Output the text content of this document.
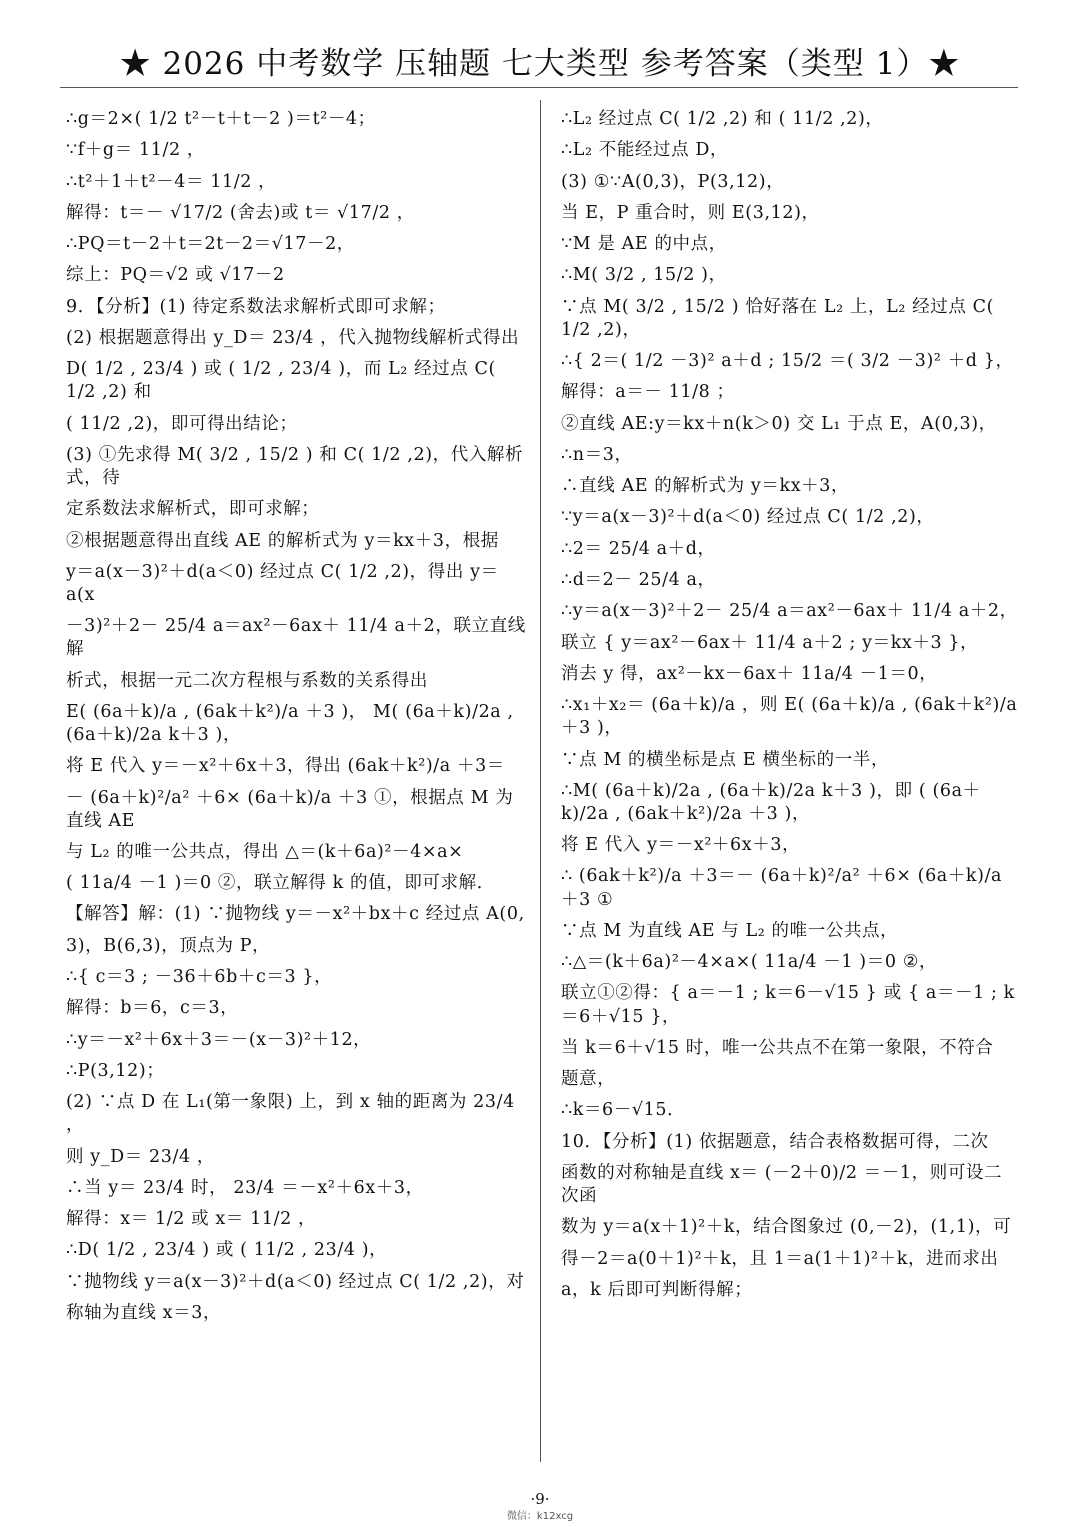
★ 2026 中考数学 压轴题 七大类型 参考答案（类型 1）★
∴g＝2×( 1/2 t²－t＋t－2 )＝t²－4；
∵f＋g＝ 11/2 ，
∴t²＋1＋t²－4＝ 11/2 ，
解得：t＝－ √17/2 (舍去)或 t＝ √17/2 ，
∴PQ＝t－2＋t＝2t－2＝√17－2，
综上：PQ＝√2 或 √17－2
9．【分析】(1) 待定系数法求解析式即可求解；
(2) 根据题意得出 y_D＝ 23/4 ，代入抛物线解析式得出
D( 1/2 , 23/4 ) 或 ( 1/2 , 23/4 )，而 L₂ 经过点 C( 1/2 ,2) 和
( 11/2 ,2)，即可得出结论；
(3) ①先求得 M( 3/2 , 15/2 ) 和 C( 1/2 ,2)，代入解析式，待
定系数法求解析式，即可求解；
②根据题意得出直线 AE 的解析式为 y＝kx＋3，根据
y＝a(x－3)²＋d(a＜0) 经过点 C( 1/2 ,2)，得出 y＝a(x
－3)²＋2－ 25/4 a＝ax²－6ax＋ 11/4 a＋2，联立直线解
析式，根据一元二次方程根与系数的关系得出
E( (6a＋k)/a , (6ak＋k²)/a ＋3 )， M( (6a＋k)/2a , (6a＋k)/2a k＋3 )，
将 E 代入 y＝－x²＋6x＋3，得出 (6ak＋k²)/a ＋3＝
－ (6a＋k)²/a² ＋6× (6a＋k)/a ＋3 ①，根据点 M 为直线 AE
与 L₂ 的唯一公共点，得出 △＝(k＋6a)²－4×a×
( 11a/4 －1 )＝0 ②，联立解得 k 的值，即可求解．
【解答】解：(1) ∵抛物线 y＝－x²＋bx＋c 经过点 A(0,
3)，B(6,3)，顶点为 P，
∴{ c＝3 ; －36＋6b＋c＝3 }，
解得：b＝6，c＝3，
∴y＝－x²＋6x＋3＝－(x－3)²＋12，
∴P(3,12)；
(2) ∵点 D 在 L₁(第一象限) 上，到 x 轴的距离为 23/4 ，
则 y_D＝ 23/4 ，
∴当 y＝ 23/4 时， 23/4 ＝－x²＋6x＋3，
解得：x＝ 1/2 或 x＝ 11/2 ，
∴D( 1/2 , 23/4 ) 或 ( 11/2 , 23/4 )，
∵抛物线 y＝a(x－3)²＋d(a＜0) 经过点 C( 1/2 ,2)，对
称轴为直线 x＝3，
∴L₂ 经过点 C( 1/2 ,2) 和 ( 11/2 ,2)，
∴L₂ 不能经过点 D，
(3) ①∵A(0,3)，P(3,12)，
当 E，P 重合时，则 E(3,12)，
∵M 是 AE 的中点，
∴M( 3/2 , 15/2 )，
∵点 M( 3/2 , 15/2 ) 恰好落在 L₂ 上，L₂ 经过点 C( 1/2 ,2)，
∴{ 2＝( 1/2 －3)² a＋d ; 15/2 ＝( 3/2 －3)² ＋d }，
解得：a＝－ 11/8 ；
②直线 AE:y＝kx＋n(k＞0) 交 L₁ 于点 E，A(0,3)，
∴n＝3，
∴直线 AE 的解析式为 y＝kx＋3，
∵y＝a(x－3)²＋d(a＜0) 经过点 C( 1/2 ,2)，
∴2＝ 25/4 a＋d，
∴d＝2－ 25/4 a，
∴y＝a(x－3)²＋2－ 25/4 a＝ax²－6ax＋ 11/4 a＋2，
联立 { y＝ax²－6ax＋ 11/4 a＋2 ; y＝kx＋3 }，
消去 y 得，ax²－kx－6ax＋ 11a/4 －1＝0，
∴x₁＋x₂＝ (6a＋k)/a ，则 E( (6a＋k)/a , (6ak＋k²)/a ＋3 )，
∵点 M 的横坐标是点 E 横坐标的一半，
∴M( (6a＋k)/2a , (6a＋k)/2a k＋3 )，即 ( (6a＋k)/2a , (6ak＋k²)/2a ＋3 )，
将 E 代入 y＝－x²＋6x＋3，
∴ (6ak＋k²)/a ＋3＝－ (6a＋k)²/a² ＋6× (6a＋k)/a ＋3 ①
∵点 M 为直线 AE 与 L₂ 的唯一公共点，
∴△＝(k＋6a)²－4×a×( 11a/4 －1 )＝0 ②，
联立①②得：{ a＝－1 ; k＝6－√15 } 或 { a＝－1 ; k＝6＋√15 }，
当 k＝6＋√15 时，唯一公共点不在第一象限，不符合
题意，
∴k＝6－√15．
10．【分析】(1) 依据题意，结合表格数据可得，二次
函数的对称轴是直线 x＝ (－2＋0)/2 ＝－1，则可设二次函
数为 y＝a(x＋1)²＋k，结合图象过 (0,－2)，(1,1)，可
得－2＝a(0＋1)²＋k，且 1＝a(1＋1)²＋k，进而求出
a，k 后即可判断得解；
·9·
微信：k12xcg
